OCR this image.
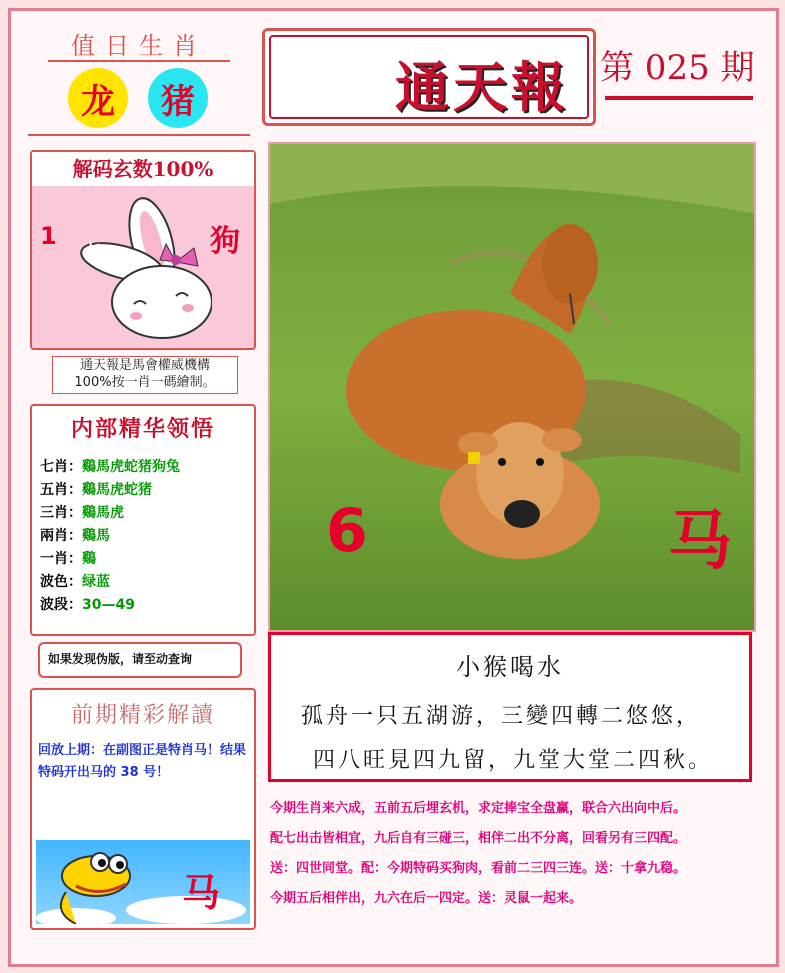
值日生肖
龙	猪
解码玄数100%
1	狗
LOVE
通天報是馬會權威機構
100%按一肖一碼繪制。
内部精华领悟
七肖：鷄馬虎蛇猪狗兔
五肖：鷄馬虎蛇猪
三肖：鷄馬虎
兩肖：鷄馬
一肖：鷄
波色：绿蓝
波段：30—49
如果发现伪版，请至动查询
前期精彩解讀
回放上期：在副图正是特肖马！结果特码开出马的 38 号！
马
通天報 第 025 期
6	马
小猴喝水
孤舟一只五湖游，三變四轉二悠悠，
四八旺見四九留，九堂大堂二四秋。
今期生肖来六成，五前五后埋玄机，求定捧宝全盘赢，联合六出向中后。
配七出击皆相宜，九后自有三碰三，相伴二出不分离，回看另有三四配。
送：四世同堂。配：今期特码买狗肉，看前二三四三连。送：十拿九稳。
今期五后相伴出，九六在后一四定。送：灵鼠一起来。
